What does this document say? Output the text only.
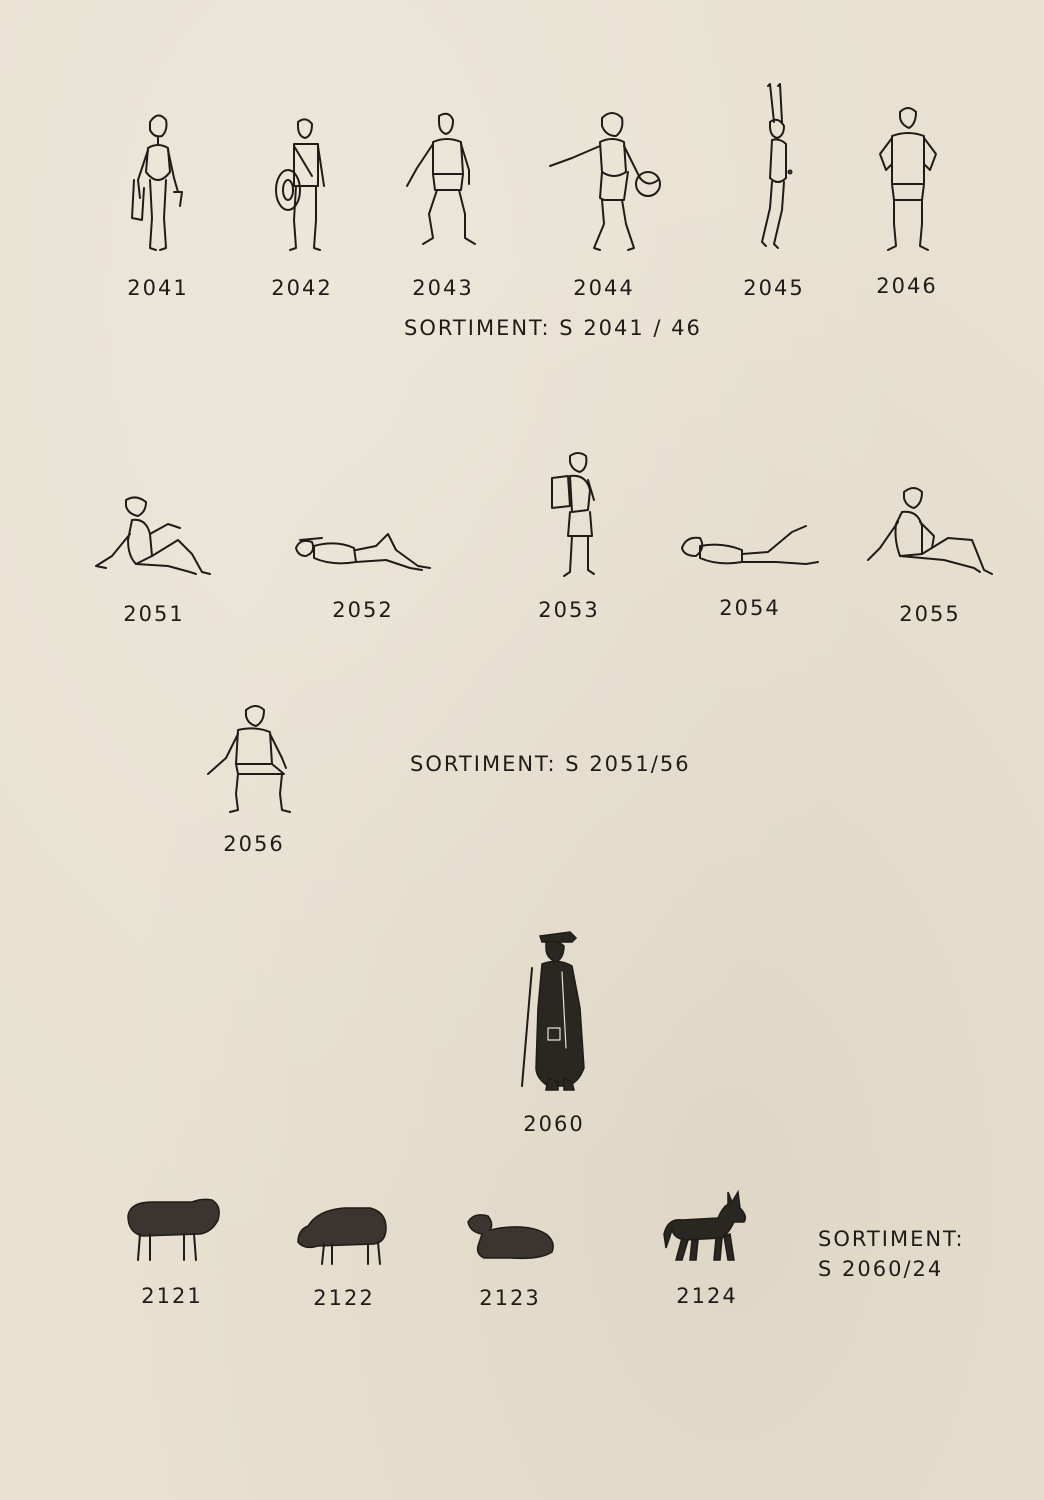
2041	2042	2043	2044	2045	2046
SORTIMENT: S 2041 / 46
2051	2052	2053	2054	2055
2056
SORTIMENT: S 2051/56
2060
2121	2122	2123	2124
SORTIMENT:
S 2060/24
